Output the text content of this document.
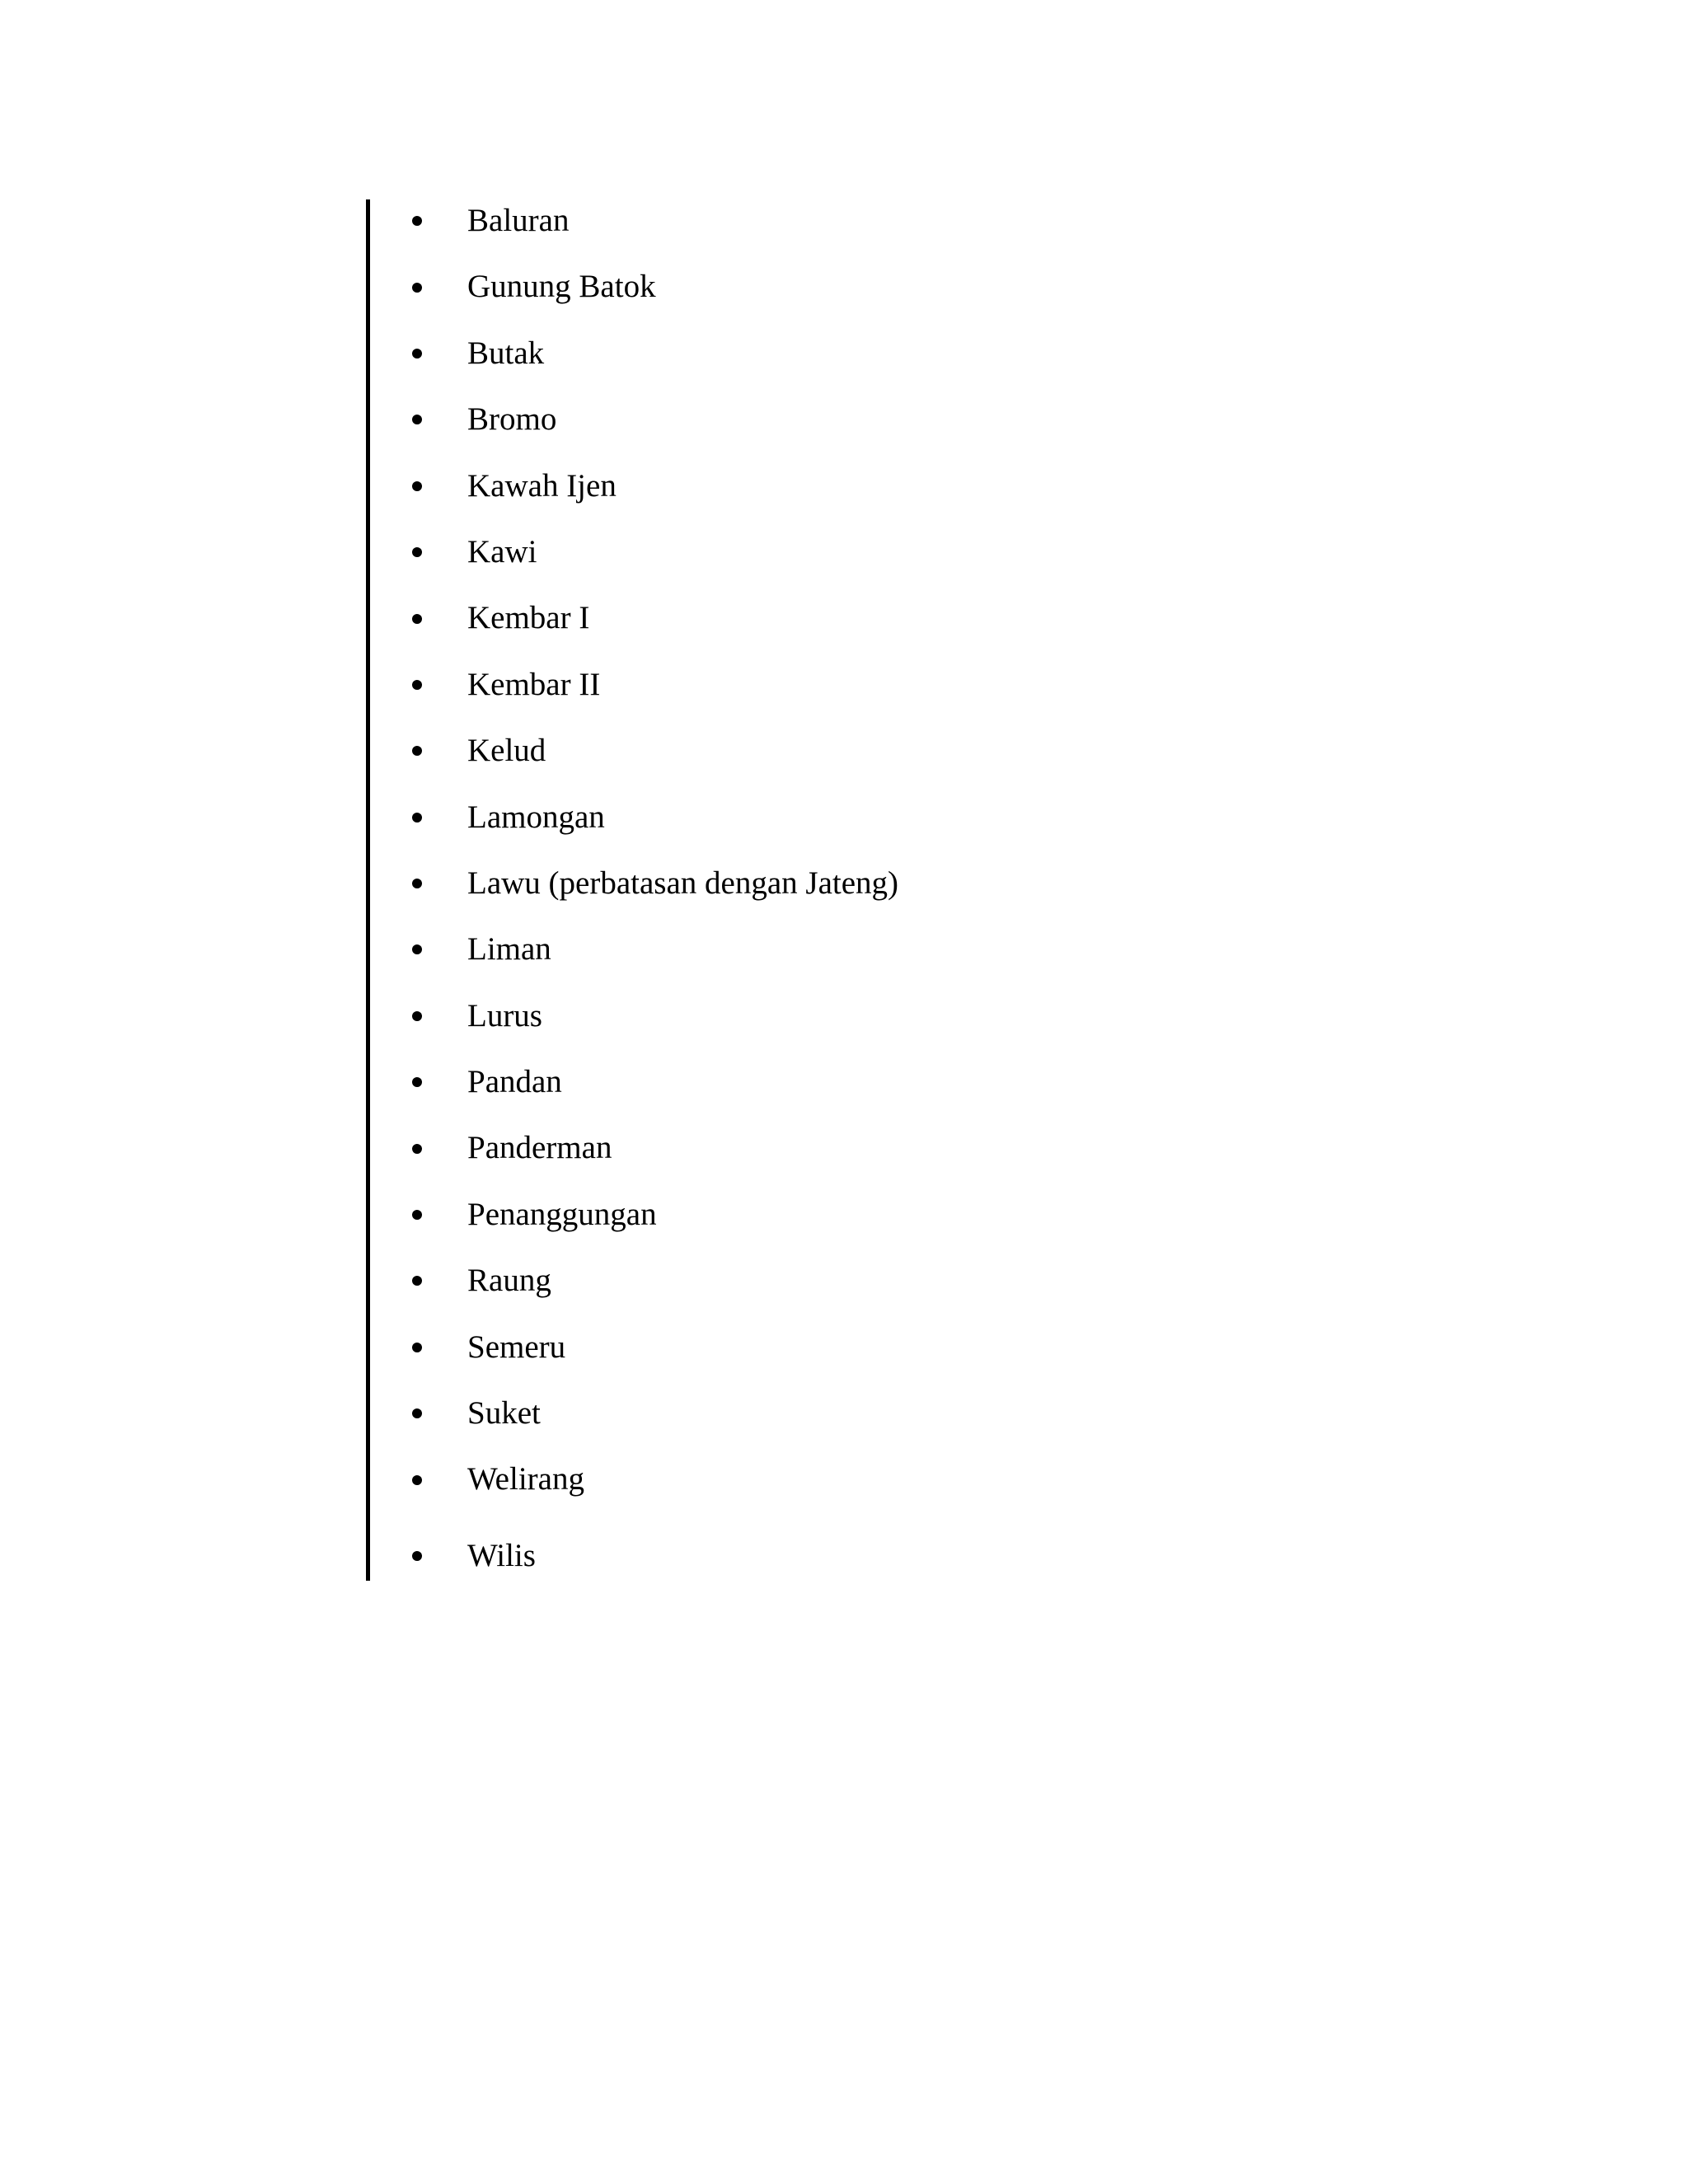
Baluran
Gunung Batok
Butak
Bromo
Kawah Ijen
Kawi
Kembar I
Kembar II
Kelud
Lamongan
Lawu (perbatasan dengan Jateng)
Liman
Lurus
Pandan
Panderman
Penanggungan
Raung
Semeru
Suket
Welirang
Wilis
